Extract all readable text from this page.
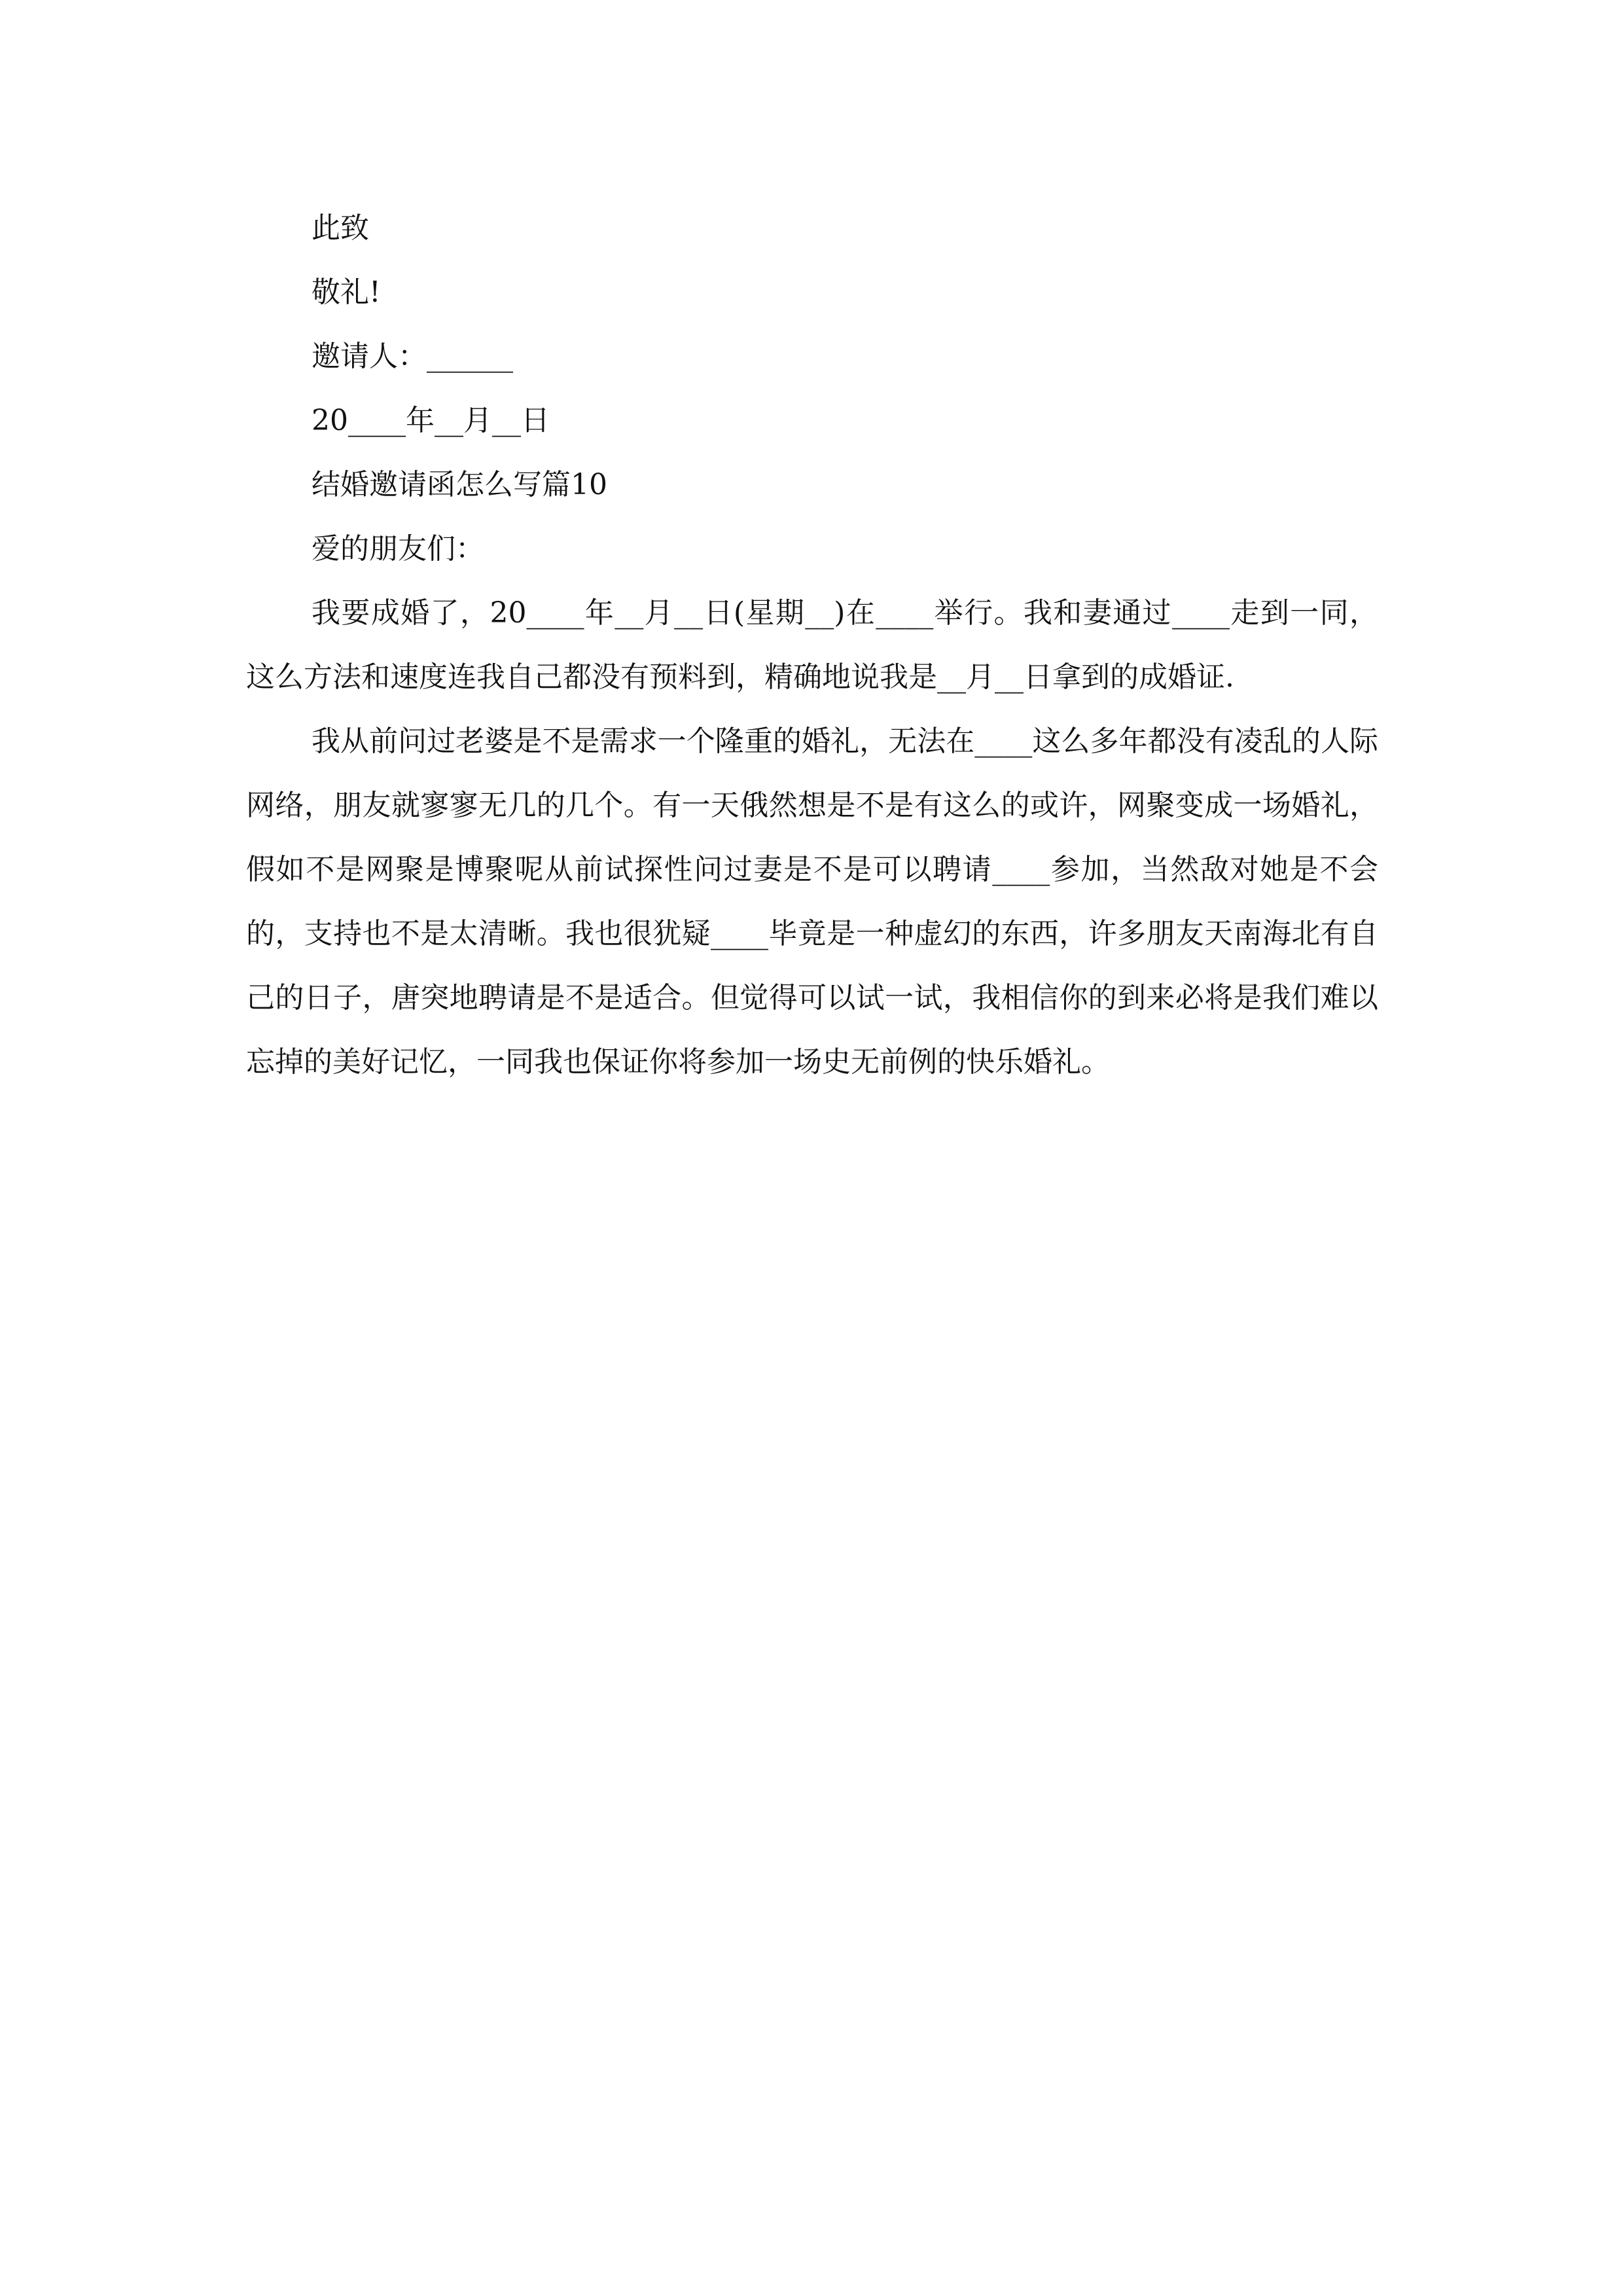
此致

敬礼!

邀请人：______

20____年__月__日

结婚邀请函怎么写篇10

爱的朋友们：

我要成婚了，20____年__月__日(星期__)在____举行。我和妻通过____走到一同，这么方法和速度连我自己都没有预料到，精确地说我是__月__日拿到的成婚证.

我从前问过老婆是不是需求一个隆重的婚礼，无法在____这么多年都没有凌乱的人际网络，朋友就寥寥无几的几个。有一天俄然想是不是有这么的或许，网聚变成一场婚礼，假如不是网聚是博聚呢从前试探性问过妻是不是可以聘请____参加，当然敌对她是不会的，支持也不是太清晰。我也很犹疑____毕竟是一种虚幻的东西，许多朋友天南海北有自己的日子，唐突地聘请是不是适合。但觉得可以试一试，我相信你的到来必将是我们难以忘掉的美好记忆，一同我也保证你将参加一场史无前例的快乐婚礼。
